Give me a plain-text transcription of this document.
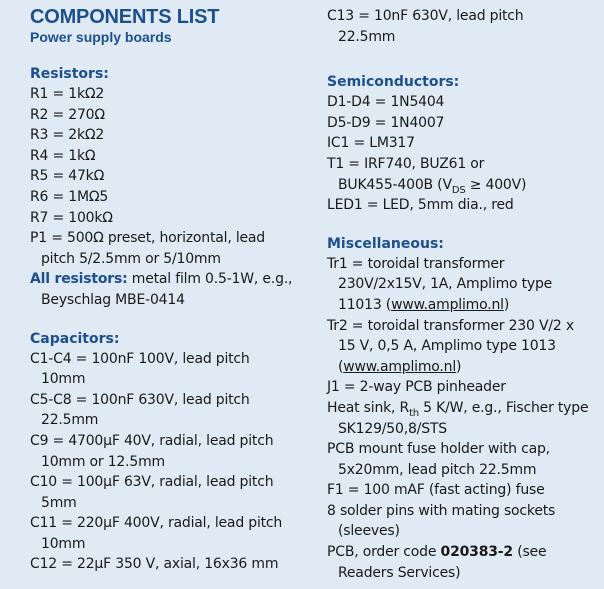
COMPONENTS LIST
Power supply boards
Resistors:
R1 = 1kΩ2
R2 = 270Ω
R3 = 2kΩ2
R4 = 1kΩ
R5 = 47kΩ
R6 = 1MΩ5
R7 = 100kΩ
P1 = 500Ω preset, horizontal, lead
pitch 5/2.5mm or 5/10mm
All resistors: metal film 0.5-1W, e.g.,
Beyschlag MBE-0414
Capacitors:
C1-C4 = 100nF 100V, lead pitch
10mm
C5-C8 = 100nF 630V, lead pitch
22.5mm
C9 = 4700µF 40V, radial, lead pitch
10mm or 12.5mm
C10 = 100µF 63V, radial, lead pitch
5mm
C11 = 220µF 400V, radial, lead pitch
10mm
C12 = 22µF 350 V, axial, 16x36 mm
C13 = 10nF 630V, lead pitch
22.5mm
Semiconductors:
D1-D4 = 1N5404
D5-D9 = 1N4007
IC1 = LM317
T1 = IRF740, BUZ61 or
BUK455-400B $(V_{DS} \ge 400V)$
LED1 = LED, 5mm dia., red
Miscellaneous:
Tr1 = toroidal transformer
230V/2x15V, 1A, Amplimo type
11013 (www.amplimo.nl)
Tr2 = toroidal transformer 230 V/2 x
15 V, 0,5 A, Amplimo type 1013
(www.amplimo.nl)
J1 = 2-way PCB pinheader
Heat sink, $R_{th}$ 5 K/W, e.g., Fischer type
SK129/50,8/STS
PCB mount fuse holder with cap,
5x20mm, lead pitch 22.5mm
F1 = 100 mAF (fast acting) fuse
8 solder pins with mating sockets
(sleeves)
PCB, order code 020383-2 (see
Readers Services)
